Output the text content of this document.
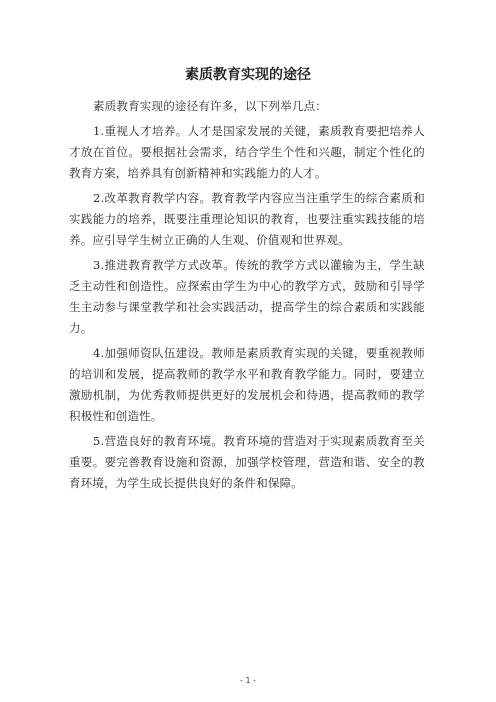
素质教育实现的途径

素质教育实现的途径有许多，以下列举几点：

1.重视人才培养。人才是国家发展的关键，素质教育要把培养人才放在首位。要根据社会需求，结合学生个性和兴趣，制定个性化的教育方案，培养具有创新精神和实践能力的人才。

2.改革教育教学内容。教育教学内容应当注重学生的综合素质和实践能力的培养，既要注重理论知识的教育，也要注重实践技能的培养。应引导学生树立正确的人生观、价值观和世界观。

3.推进教育教学方式改革。传统的教学方式以灌输为主，学生缺乏主动性和创造性。应探索由学生为中心的教学方式，鼓励和引导学生主动参与课堂教学和社会实践活动，提高学生的综合素质和实践能力。

4.加强师资队伍建设。教师是素质教育实现的关键，要重视教师的培训和发展，提高教师的教学水平和教育教学能力。同时，要建立激励机制，为优秀教师提供更好的发展机会和待遇，提高教师的教学积极性和创造性。

5.营造良好的教育环境。教育环境的营造对于实现素质教育至关重要。要完善教育设施和资源，加强学校管理，营造和谐、安全的教育环境，为学生成长提供良好的条件和保障。

- 1 -
